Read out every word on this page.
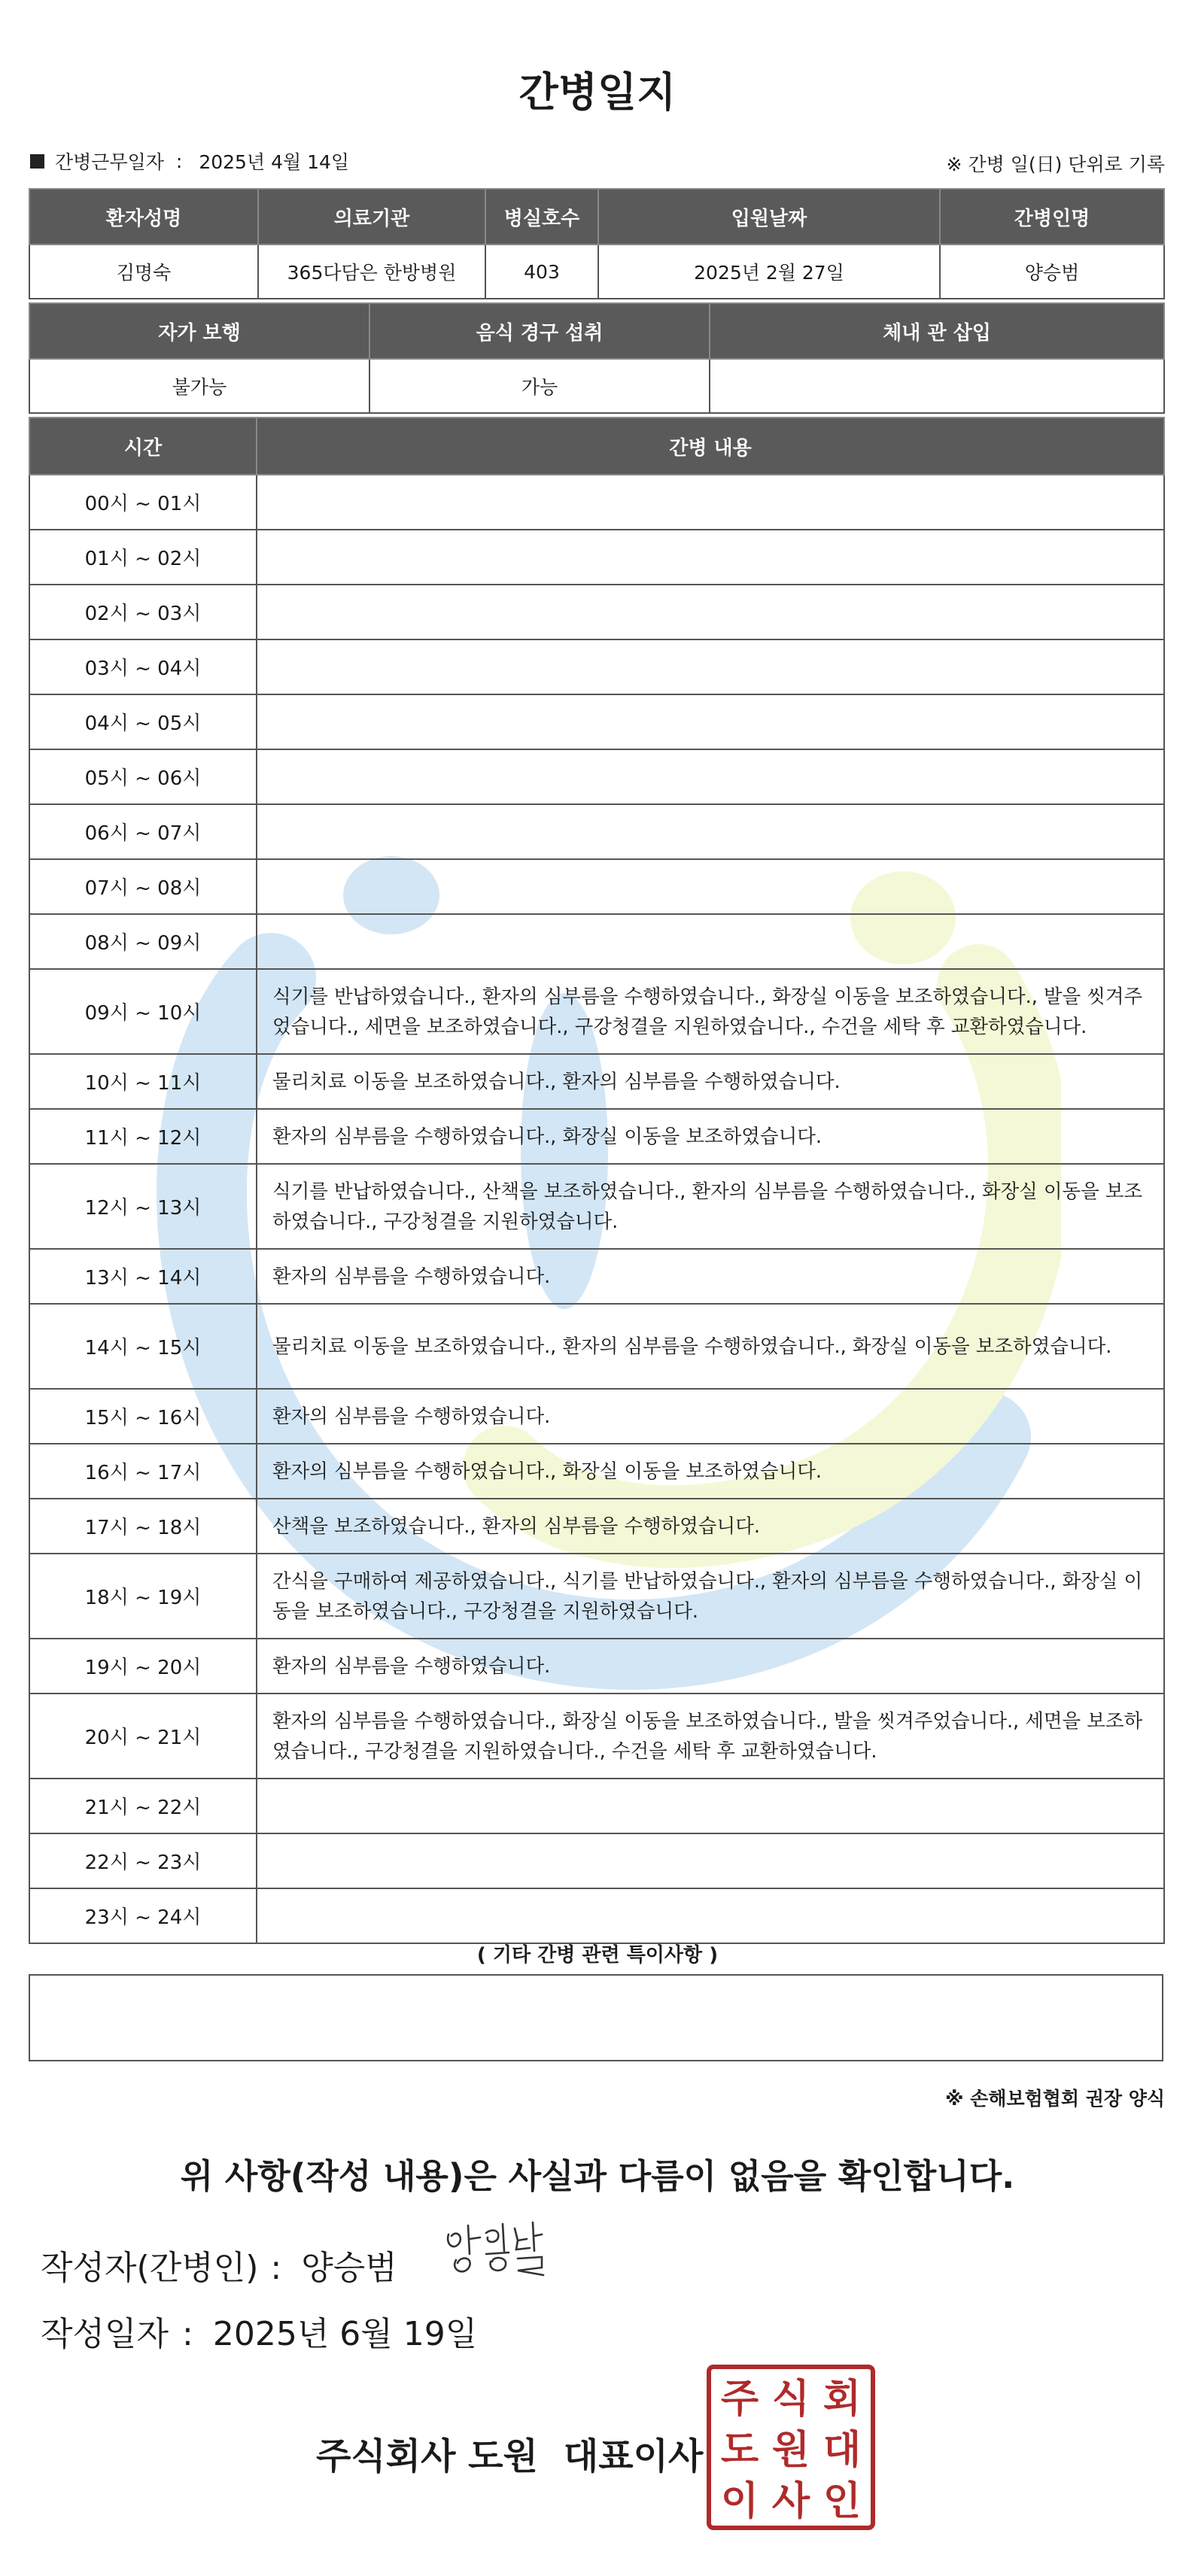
간병일지
간병근무일자 : 2025년 4월 14일	※ 간병 일(日) 단위로 기록
환자성명	의료기관	병실호수	입원날짜	간병인명
김명숙	365다담은 한방병원	403	2025년 2월 27일	양승범
자가 보행	음식 경구 섭취	체내 관 삽입
불가능	가능	
시간	간병 내용
00시 ~ 01시	
01시 ~ 02시	
02시 ~ 03시	
03시 ~ 04시	
04시 ~ 05시	
05시 ~ 06시	
06시 ~ 07시	
07시 ~ 08시	
08시 ~ 09시	
09시 ~ 10시	식기를 반납하였습니다., 환자의 심부름을 수행하였습니다., 화장실 이동을 보조하였습니다., 발을 씻겨주었습니다., 세면을 보조하였습니다., 구강청결을 지원하였습니다., 수건을 세탁 후 교환하였습니다.
10시 ~ 11시	물리치료 이동을 보조하였습니다., 환자의 심부름을 수행하였습니다.
11시 ~ 12시	환자의 심부름을 수행하였습니다., 화장실 이동을 보조하였습니다.
12시 ~ 13시	식기를 반납하였습니다., 산책을 보조하였습니다., 환자의 심부름을 수행하였습니다., 화장실 이동을 보조하였습니다., 구강청결을 지원하였습니다.
13시 ~ 14시	환자의 심부름을 수행하였습니다.
14시 ~ 15시	물리치료 이동을 보조하였습니다., 환자의 심부름을 수행하였습니다., 화장실 이동을 보조하였습니다.
15시 ~ 16시	환자의 심부름을 수행하였습니다.
16시 ~ 17시	환자의 심부름을 수행하였습니다., 화장실 이동을 보조하였습니다.
17시 ~ 18시	산책을 보조하였습니다., 환자의 심부름을 수행하였습니다.
18시 ~ 19시	간식을 구매하여 제공하였습니다., 식기를 반납하였습니다., 환자의 심부름을 수행하였습니다., 화장실 이동을 보조하였습니다., 구강청결을 지원하였습니다.
19시 ~ 20시	환자의 심부름을 수행하였습니다.
20시 ~ 21시	환자의 심부름을 수행하였습니다., 화장실 이동을 보조하였습니다., 발을 씻겨주었습니다., 세면을 보조하였습니다., 구강청결을 지원하였습니다., 수건을 세탁 후 교환하였습니다.
21시 ~ 22시	
22시 ~ 23시	
23시 ~ 24시	
( 기타 간병 관련 특이사항 )
※ 손해보험협회 권장 양식
위 사항(작성 내용)은 사실과 다름이 없음을 확인합니다.
작성자(간병인) : 양승범
작성일자 : 2025년 6월 19일
주식회사 도원 대표이사
주 식 회
도 원 대
이 사 인
